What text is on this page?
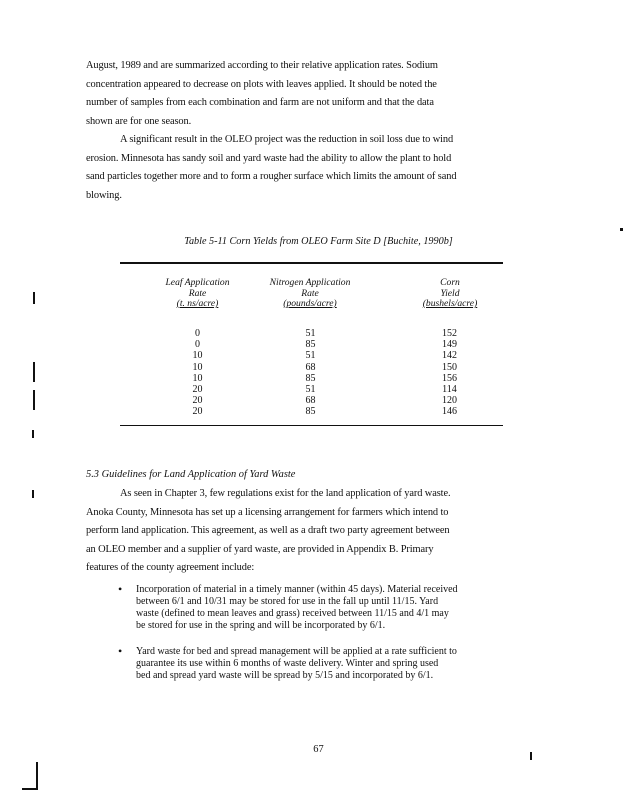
August, 1989 and are summarized according to their relative application rates. Sodium
concentration appeared to decrease on plots with leaves applied. It should be noted the
number of samples from each combination and farm are not uniform and that the data
shown are for one season.
A significant result in the OLEO project was the reduction in soil loss due to wind
erosion. Minnesota has sandy soil and yard waste had the ability to allow the plant to hold
sand particles together more and to form a rougher surface which limits the amount of sand
blowing.
Table 5-11 Corn Yields from OLEO Farm Site D [Buchite, 1990b]
Leaf Application
Rate
(t. ns/acre)
Nitrogen Application
Rate
(pounds/acre)
Corn
Yield
(bushels/acre)
0
0
10
10
10
20
20
20
51
85
51
68
85
51
68
85
152
149
142
150
156
114
120
146
5.3 Guidelines for Land Application of Yard Waste
As seen in Chapter 3, few regulations exist for the land application of yard waste.
Anoka County, Minnesota has set up a licensing arrangement for farmers which intend to
perform land application. This agreement, as well as a draft two party agreement between
an OLEO member and a supplier of yard waste, are provided in Appendix B. Primary
features of the county agreement include:
• Incorporation of material in a timely manner (within 45 days). Material received
between 6/1 and 10/31 may be stored for use in the fall up until 11/15. Yard
waste (defined to mean leaves and grass) received between 11/15 and 4/1 may
be stored for use in the spring and will be incorporated by 6/1.
• Yard waste for bed and spread management will be applied at a rate sufficient to
guarantee its use within 6 months of waste delivery. Winter and spring used
bed and spread yard waste will be spread by 5/15 and incorporated by 6/1.
67
